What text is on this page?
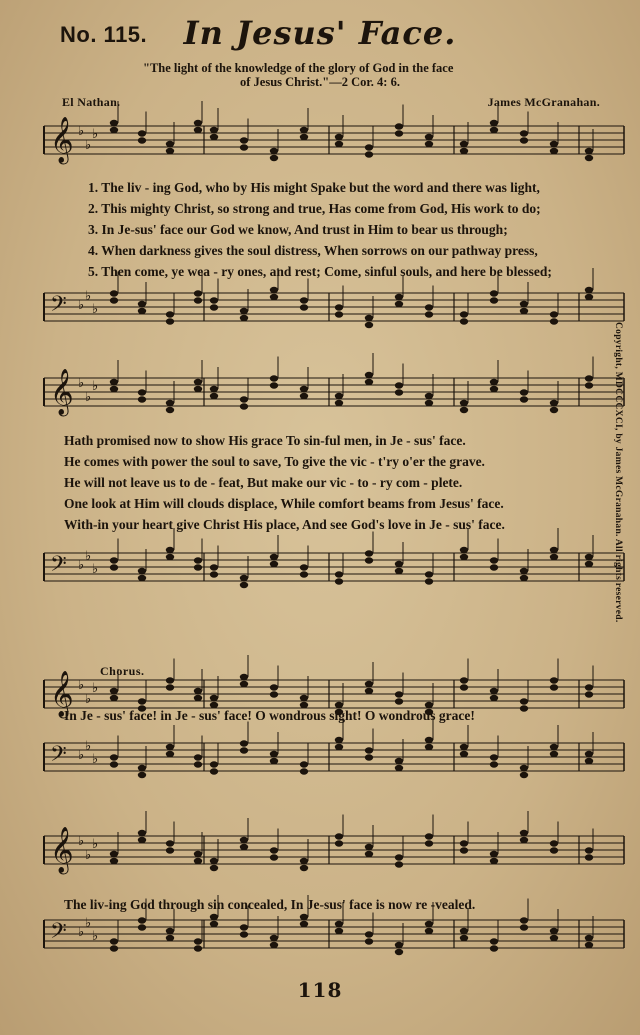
No. 115.	In Jesus' Face.
"The light of the knowledge of the glory of God in the face
of Jesus Christ."—2 Cor. 4: 6.
El Nathan.	James McGranahan.
𝄞 ♭
♭
♭
1. The liv - ing God, who by His might Spake but the word and there was light,
2. This mighty Christ, so strong and true, Has come from God, His work to do;
3. In Je-sus' face our God we know, And trust in Him to bear us through;
4. When darkness gives the soul distress, When sorrows on our pathway press,
5. Then come, ye wea - ry ones, and rest; Come, sinful souls, and here be blessed;
𝄢 ♭
♭
♭
𝄞 ♭
♭
♭
Hath promised now to show His grace To sin-ful men, in Je - sus' face.
He comes with power the soul to save, To give the vic - t'ry o'er the grave.
He will not leave us to de - feat, But make our vic - to - ry com - plete.
One look at Him will clouds displace, While comfort beams from Jesus' face.
With-in your heart give Christ His place, And see God's love in Je - sus' face.
𝄢 ♭
♭
♭
Chorus.
𝄞 ♭
♭
♭
In Je - sus' face! in Je - sus' face! O wondrous sight! O wondrous grace!
𝄢 ♭
♭
♭
𝄞 ♭
♭
♭
The liv-ing God through sin concealed, In Je-sus' face is now re -vealed.
𝄢 ♭
♭
♭
Copyright, MDCCCXCI, by James McGranahan. All rights reserved.
118
